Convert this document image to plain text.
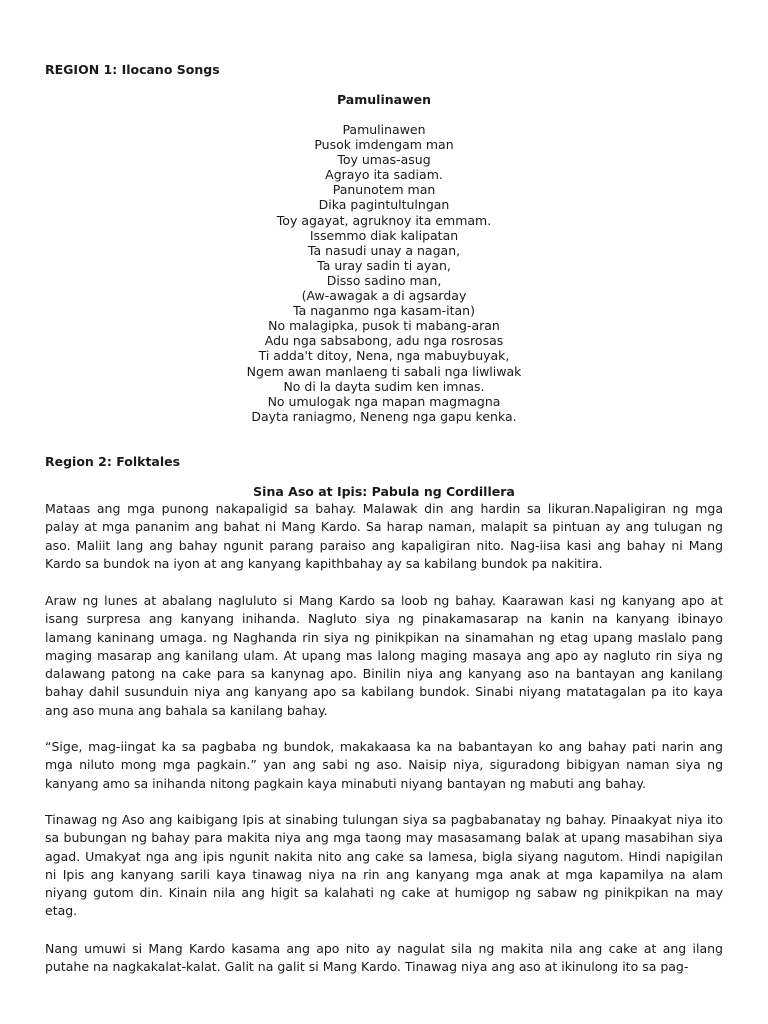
REGION 1: Ilocano Songs
Pamulinawen
Pamulinawen
Pusok imdengam man
Toy umas-asug
Agrayo ita sadiam.
Panunotem man
Dika pagintultulngan
Toy agayat, agruknoy ita emmam.
Issemmo diak kalipatan
Ta nasudi unay a nagan,
Ta uray sadin ti ayan,
Disso sadino man,
(Aw-awagak a di agsarday
Ta naganmo nga kasam-itan)
No malagipka, pusok ti mabang-aran
Adu nga sabsabong, adu nga rosrosas
Ti adda't ditoy, Nena, nga mabuybuyak,
Ngem awan manlaeng ti sabali nga liwliwak
No di la dayta sudim ken imnas.
No umulogak nga mapan magmagna
Dayta raniagmo, Neneng nga gapu kenka.
Region 2: Folktales
Sina Aso at Ipis: Pabula ng Cordillera

Mataas ang mga punong nakapaligid sa bahay. Malawak din ang hardin sa likuran.Napaligiran ng mga
palay at mga pananim ang bahat ni Mang Kardo. Sa harap naman, malapit sa pintuan ay ang tulugan ng
aso. Maliit lang ang bahay ngunit parang paraiso ang kapaligiran nito. Nag-iisa kasi ang bahay ni Mang
Kardo sa bundok na iyon at ang kanyang kapithbahay ay sa kabilang bundok pa nakitira.

Araw ng lunes at abalang nagluluto si Mang Kardo sa loob ng bahay. Kaarawan kasi ng kanyang apo at
isang surpresa ang kanyang inihanda. Nagluto siya ng pinakamasarap na kanin na kanyang ibinayo
lamang kaninang umaga. ng Naghanda rin siya ng pinikpikan na sinamahan ng etag upang maslalo pang
maging masarap ang kanilang ulam. At upang mas lalong maging masaya ang apo ay nagluto rin siya ng
dalawang patong na cake para sa kanynag apo. Binilin niya ang kanyang aso na bantayan ang kanilang
bahay dahil susunduin niya ang kanyang apo sa kabilang bundok. Sinabi niyang matatagalan pa ito kaya
ang aso muna ang bahala sa kanilang bahay.

“Sige, mag-iingat ka sa pagbaba ng bundok, makakaasa ka na babantayan ko ang bahay pati narin ang
mga niluto mong mga pagkain.” yan ang sabi ng aso. Naisip niya, siguradong bibigyan naman siya ng
kanyang amo sa inihanda nitong pagkain kaya minabuti niyang bantayan ng mabuti ang bahay.

Tinawag ng Aso ang kaibigang Ipis at sinabing tulungan siya sa pagbabanatay ng bahay. Pinaakyat niya ito
sa bubungan ng bahay para makita niya ang mga taong may masasamang balak at upang masabihan siya
agad. Umakyat nga ang ipis ngunit nakita nito ang cake sa lamesa, bigla siyang nagutom. Hindi napigilan
ni Ipis ang kanyang sarili kaya tinawag niya na rin ang kanyang mga anak at mga kapamilya na alam
niyang gutom din. Kinain nila ang higit sa kalahati ng cake at humigop ng sabaw ng pinikpikan na may
etag.

Nang umuwi si Mang Kardo kasama ang apo nito ay nagulat sila ng makita nila ang cake at ang ilang
putahe na nagkakalat-kalat. Galit na galit si Mang Kardo. Tinawag niya ang aso at ikinulong ito sa pag-
